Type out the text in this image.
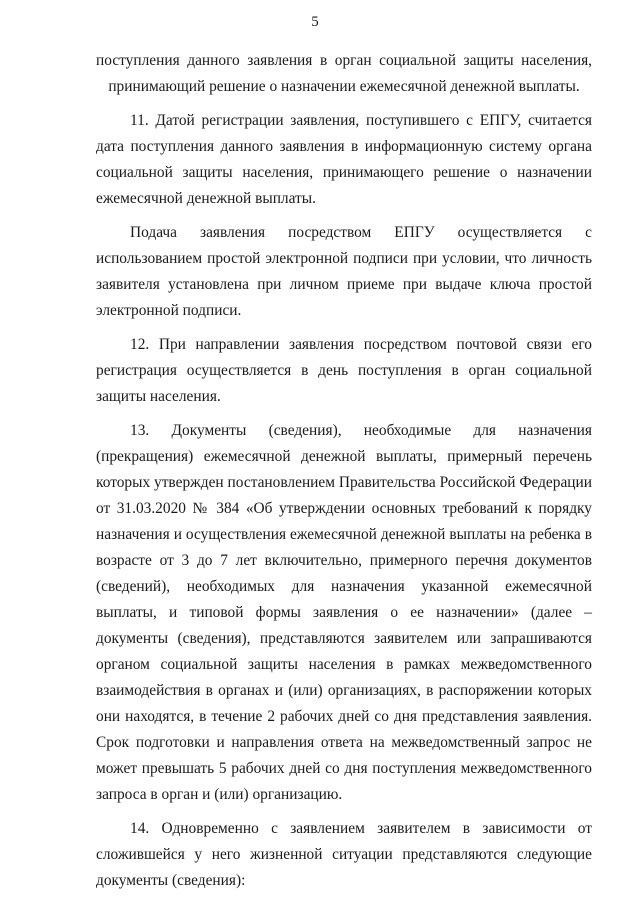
5

поступления данного заявления в орган социальной защиты населения, принимающий решение о назначении ежемесячной денежной выплаты.

11. Датой регистрации заявления, поступившего с ЕПГУ, считается дата поступления данного заявления в информационную систему органа социальной защиты населения, принимающего решение о назначении ежемесячной денежной выплаты.

Подача заявления посредством ЕПГУ осуществляется с использованием простой электронной подписи при условии, что личность заявителя установлена при личном приеме при выдаче ключа простой электронной подписи.

12. При направлении заявления посредством почтовой связи его регистрация осуществляется в день поступления в орган социальной защиты населения.

13. Документы (сведения), необходимые для назначения (прекращения) ежемесячной денежной выплаты, примерный перечень которых утвержден постановлением Правительства Российской Федерации от 31.03.2020 № 384 «Об утверждении основных требований к порядку назначения и осуществления ежемесячной денежной выплаты на ребенка в возрасте от 3 до 7 лет включительно, примерного перечня документов (сведений), необходимых для назначения указанной ежемесячной выплаты, и типовой формы заявления о ее назначении» (далее – документы (сведения), представляются заявителем или запрашиваются органом социальной защиты населения в рамках межведомственного взаимодействия в органах и (или) организациях, в распоряжении которых они находятся, в течение 2 рабочих дней со дня представления заявления. Срок подготовки и направления ответа на межведомственный запрос не может превышать 5 рабочих дней со дня поступления межведомственного запроса в орган и (или) организацию.

14. Одновременно с заявлением заявителем в зависимости от сложившейся у него жизненной ситуации представляются следующие документы (сведения):
